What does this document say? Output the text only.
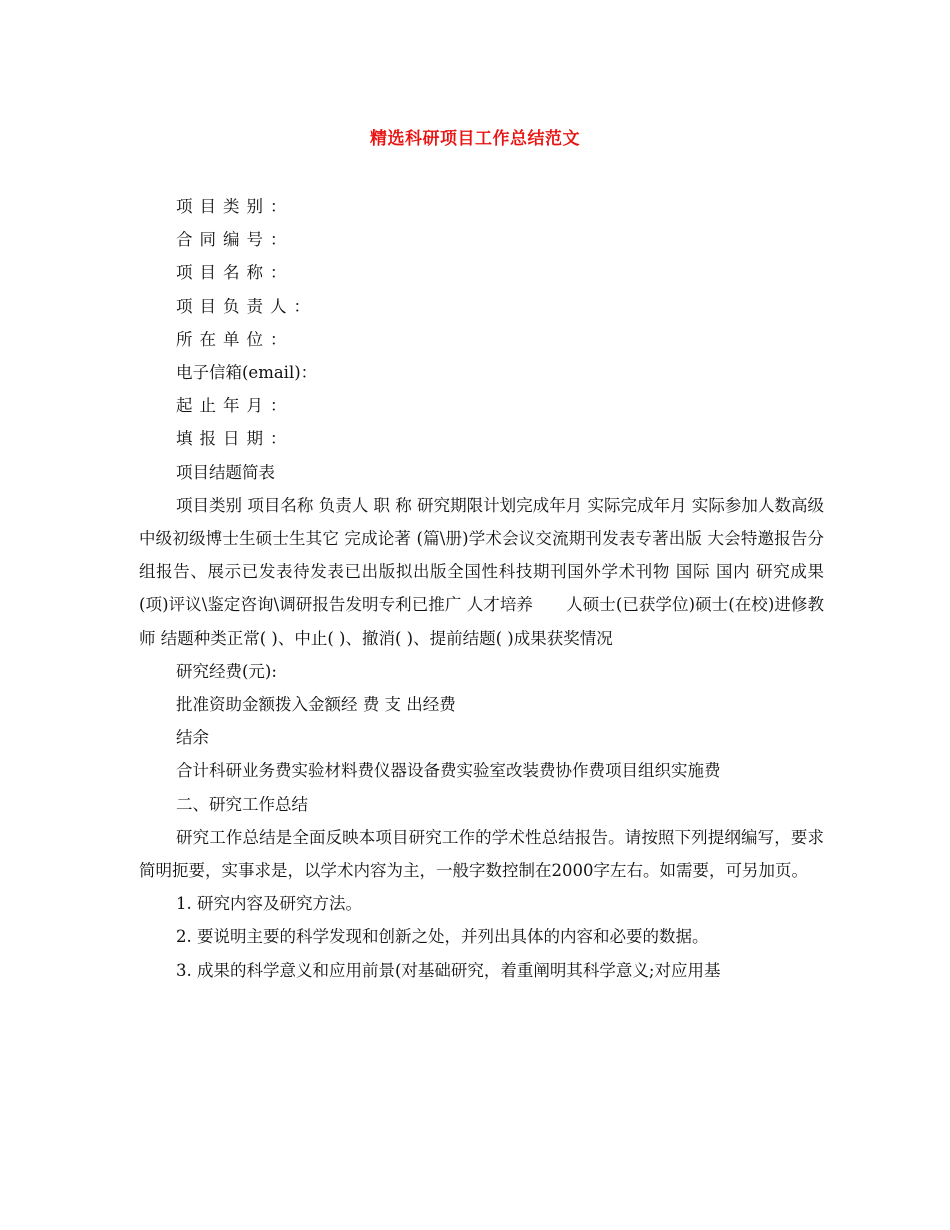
精选科研项目工作总结范文

项目类别：

合同编号：

项目名称：

项目负责人：

所在单位：

电子信箱(email)：

起止年月：

填报日期：

项目结题简表

项目类别 项目名称 负责人 职 称 研究期限计划完成年月 实际完成年月 实际参加人数高级中级初级博士生硕士生其它 完成论著 (篇\册)学术会议交流期刊发表专著出版 大会特邀报告分组报告、展示已发表待发表已出版拟出版全国性科技期刊国外学术刊物 国际 国内 研究成果(项)评议\鉴定咨询\调研报告发明专利已推广 人才培养　　人硕士(已获学位)硕士(在校)进修教师 结题种类正常( )、中止( )、撤消( )、提前结题( )成果获奖情况

研究经费(元):

批准资助金额拨入金额经 费 支 出经费

结余

合计科研业务费实验材料费仪器设备费实验室改装费协作费项目组织实施费

二、研究工作总结

研究工作总结是全面反映本项目研究工作的学术性总结报告。请按照下列提纲编写，要求简明扼要，实事求是，以学术内容为主，一般字数控制在2000字左右。如需要，可另加页。

1. 研究内容及研究方法。

2. 要说明主要的科学发现和创新之处，并列出具体的内容和必要的数据。

3. 成果的科学意义和应用前景(对基础研究，着重阐明其科学意义;对应用基
